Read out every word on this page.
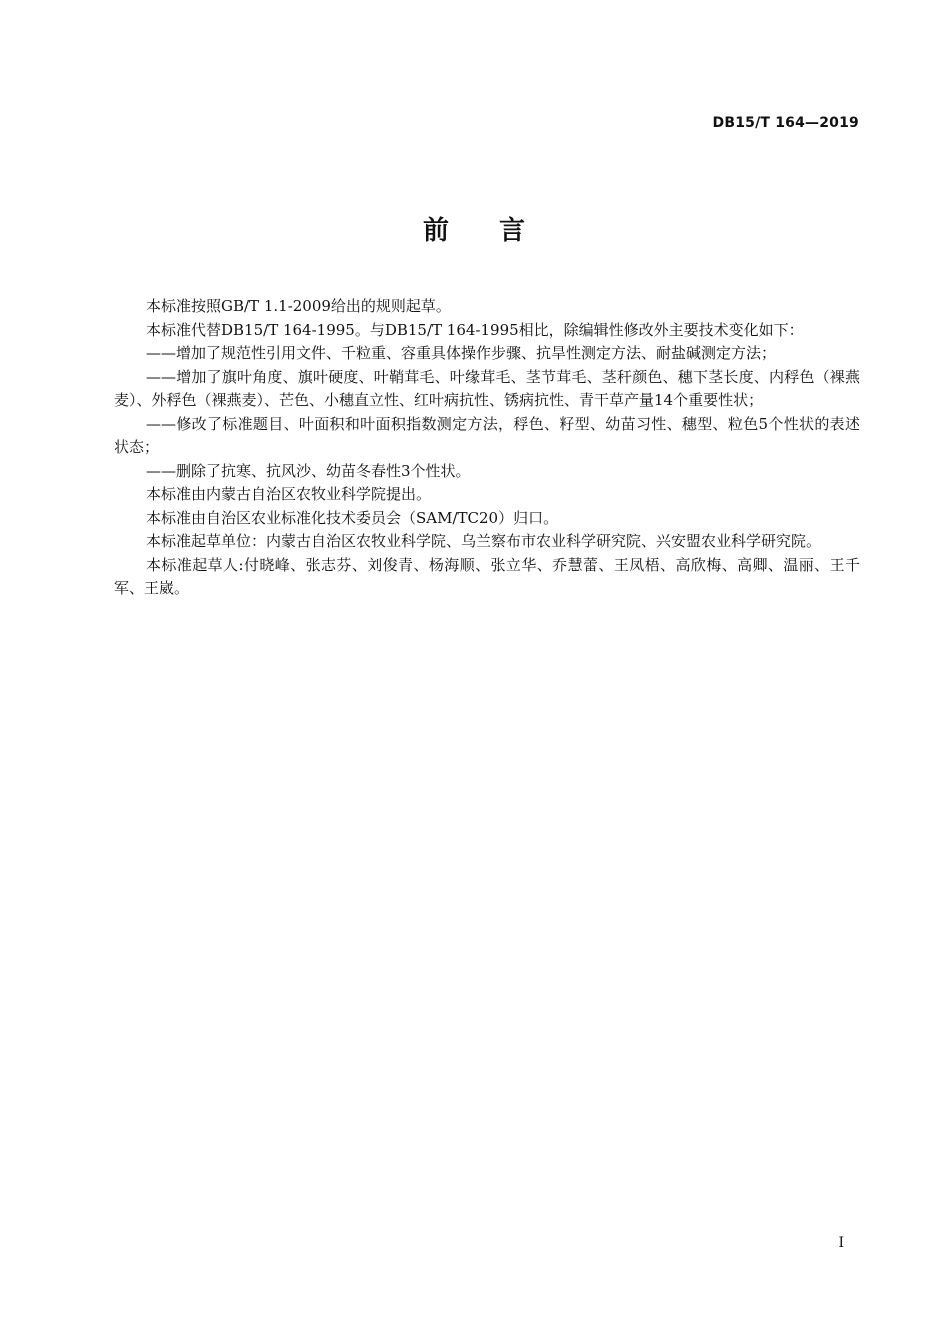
DB15/T 164—2019
前 言

本标准按照GB/T 1.1-2009给出的规则起草。

本标准代替DB15/T 164-1995。与DB15/T 164-1995相比，除编辑性修改外主要技术变化如下：

——增加了规范性引用文件、千粒重、容重具体操作步骤、抗旱性测定方法、耐盐碱测定方法；

——增加了旗叶角度、旗叶硬度、叶鞘茸毛、叶缘茸毛、茎节茸毛、茎秆颜色、穗下茎长度、内稃色（裸燕麦）、外稃色（裸燕麦）、芒色、小穗直立性、红叶病抗性、锈病抗性、青干草产量14个重要性状；

——修改了标准题目、叶面积和叶面积指数测定方法，稃色、籽型、幼苗习性、穗型、粒色5个性状的表述状态；

——删除了抗寒、抗风沙、幼苗冬春性3个性状。

本标准由内蒙古自治区农牧业科学院提出。

本标准由自治区农业标准化技术委员会（SAM/TC20）归口。

本标准起草单位：内蒙古自治区农牧业科学院、乌兰察布市农业科学研究院、兴安盟农业科学研究院。

本标准起草人:付晓峰、张志芬、刘俊青、杨海顺、张立华、乔慧蕾、王凤梧、高欣梅、高卿、温丽、王千军、王崴。

I
